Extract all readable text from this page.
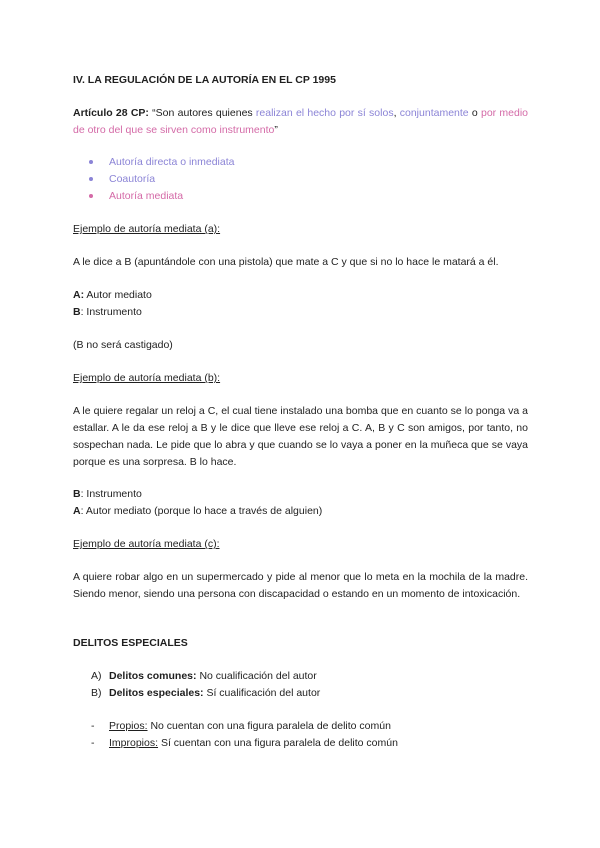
IV. LA REGULACIÓN DE LA AUTORÍA EN EL CP 1995

Artículo 28 CP: “Son autores quienes realizan el hecho por sí solos, conjuntamente o por medio de otro del que se sirven como instrumento”

Autoría directa o inmediata
Coautoría
Autoría mediata

Ejemplo de autoría mediata (a):

A le dice a B (apuntándole con una pistola) que mate a C y que si no lo hace le matará a él.

A: Autor mediato
B: Instrumento

(B no será castigado)

Ejemplo de autoría mediata (b):

A le quiere regalar un reloj a C, el cual tiene instalado una bomba que en cuanto se lo ponga va a estallar. A le da ese reloj a B y le dice que lleve ese reloj a C. A, B y C son amigos, por tanto, no sospechan nada. Le pide que lo abra y que cuando se lo vaya a poner en la muñeca que se vaya porque es una sorpresa. B lo hace.

B: Instrumento
A: Autor mediato (porque lo hace a través de alguien)

Ejemplo de autoría mediata (c):

A quiere robar algo en un supermercado y pide al menor que lo meta en la mochila de la madre. Siendo menor, siendo una persona con discapacidad o estando en un momento de intoxicación.

DELITOS ESPECIALES

A) Delitos comunes: No cualificación del autor
B) Delitos especiales: Sí cualificación del autor
- Propios: No cuentan con una figura paralela de delito común
- Impropios: Sí cuentan con una figura paralela de delito común
